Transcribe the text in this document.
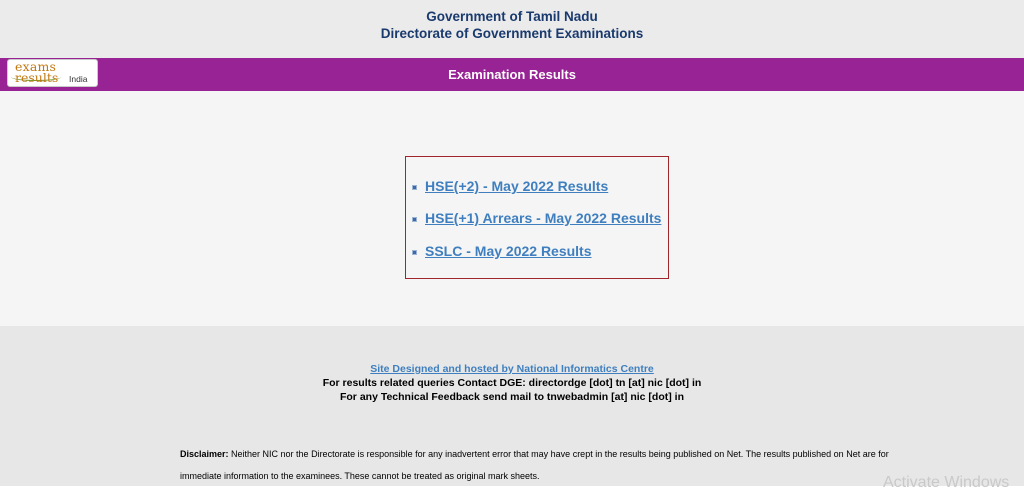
Government of Tamil Nadu
Directorate of Government Examinations
exams
results India	Examination Results
HSE(+2) - May 2022 Results
HSE(+1) Arrears - May 2022 Results
SSLC - May 2022 Results
Site Designed and hosted by National Informatics Centre
For results related queries Contact DGE: directordge [dot] tn [at] nic [dot] in
For any Technical Feedback send mail to tnwebadmin [at] nic [dot] in
Disclaimer: Neither NIC nor the Directorate is responsible for any inadvertent error that may have crept in the results being published on Net. The results published on Net are for immediate information to the examinees. These cannot be treated as original mark sheets.	Activate Windows
